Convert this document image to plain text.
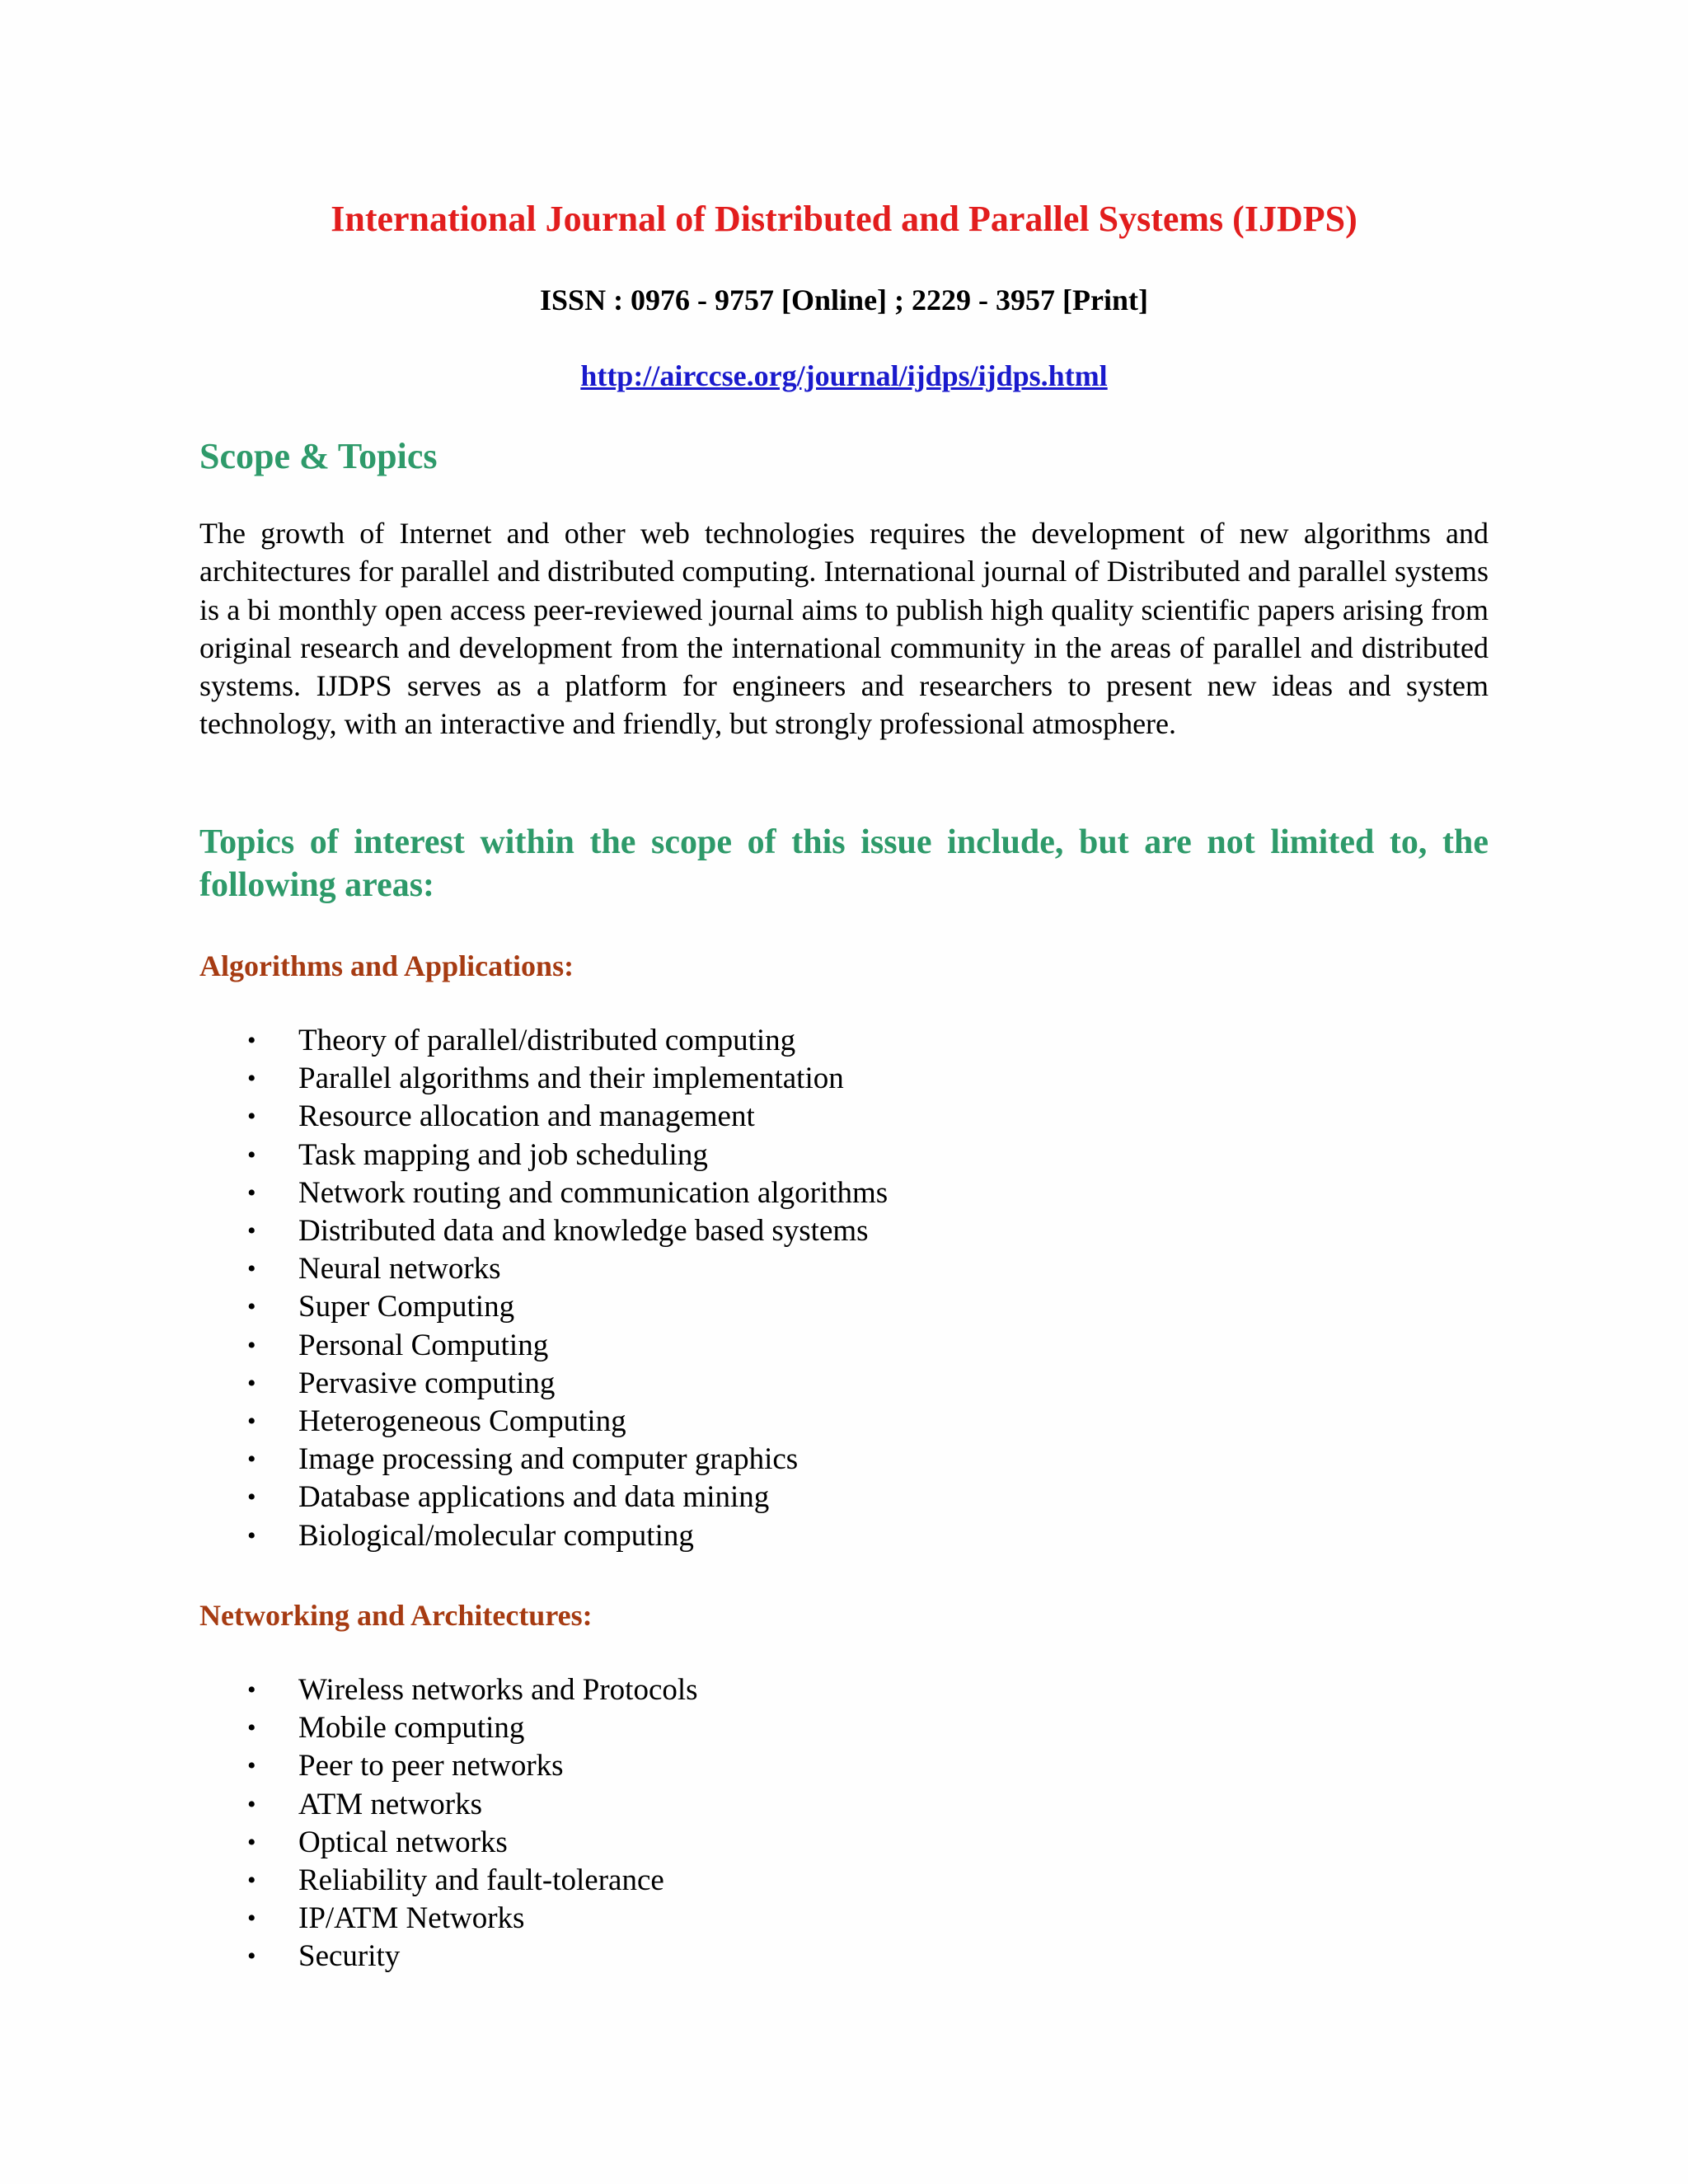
International Journal of Distributed and Parallel Systems (IJDPS)

ISSN : 0976 - 9757 [Online] ; 2229 - 3957 [Print]

http://airccse.org/journal/ijdps/ijdps.html

Scope & Topics

The growth of Internet and other web technologies requires the development of new algorithms and architectures for parallel and distributed computing. International journal of Distributed and parallel systems is a bi monthly open access peer-reviewed journal aims to publish high quality scientific papers arising from original research and development from the international community in the areas of parallel and distributed systems. IJDPS serves as a platform for engineers and researchers to present new ideas and system technology, with an interactive and friendly, but strongly professional atmosphere.

Topics of interest within the scope of this issue include, but are not limited to, the following areas:
Algorithms and Applications:
• Theory of parallel/distributed computing
• Parallel algorithms and their implementation
• Resource allocation and management
• Task mapping and job scheduling
• Network routing and communication algorithms
• Distributed data and knowledge based systems
• Neural networks
• Super Computing
• Personal Computing
• Pervasive computing
• Heterogeneous Computing
• Image processing and computer graphics
• Database applications and data mining
• Biological/molecular computing
Networking and Architectures:
• Wireless networks and Protocols
• Mobile computing
• Peer to peer networks
• ATM networks
• Optical networks
• Reliability and fault-tolerance
• IP/ATM Networks
• Security
